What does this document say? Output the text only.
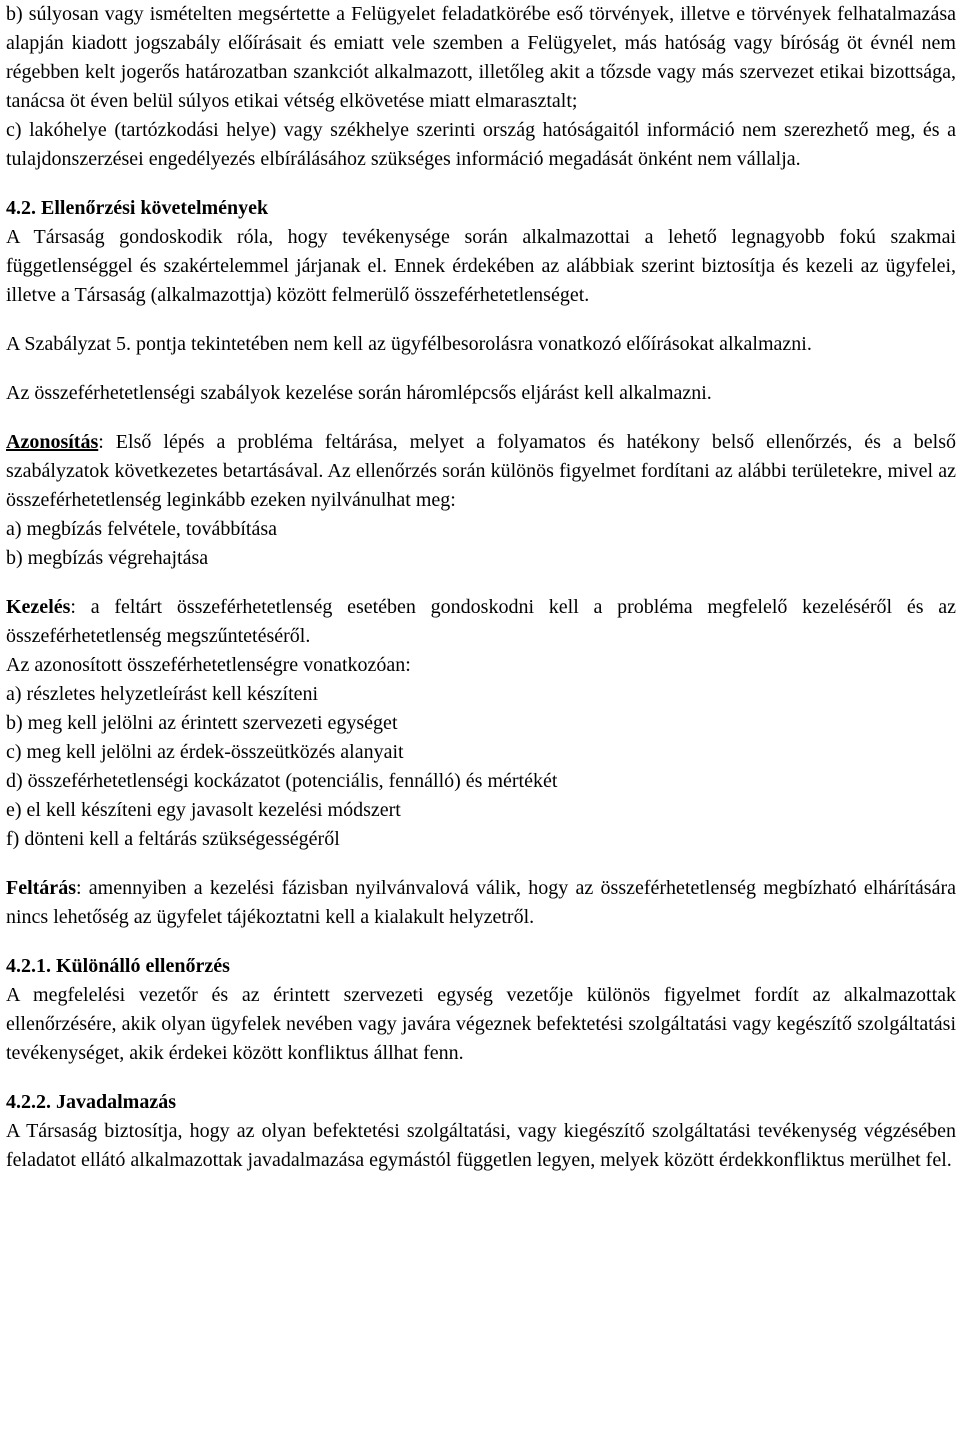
b) súlyosan vagy ismételten megsértette a Felügyelet feladatkörébe eső törvények, illetve e törvények felhatalmazása alapján kiadott jogszabály előírásait és emiatt vele szemben a Felügyelet, más hatóság vagy bíróság öt évnél nem régebben kelt jogerős határozatban szankciót alkalmazott, illetőleg akit a tőzsde vagy más szervezet etikai bizottsága, tanácsa öt éven belül súlyos etikai vétség elkövetése miatt elmarasztalt;

c) lakóhelye (tartózkodási helye) vagy székhelye szerinti ország hatóságaitól információ nem szerezhető meg, és a tulajdonszerzései engedélyezés elbírálásához szükséges információ megadását önként nem vállalja.

4.2. Ellenőrzési követelmények

A Társaság gondoskodik róla, hogy tevékenysége során alkalmazottai a lehető legnagyobb fokú szakmai függetlenséggel és szakértelemmel járjanak el. Ennek érdekében az alábbiak szerint biztosítja és kezeli az ügyfelei, illetve a Társaság (alkalmazottja) között felmerülő összeférhetetlenséget.

A Szabályzat 5. pontja tekintetében nem kell az ügyfélbesorolásra vonatkozó előírásokat alkalmazni.

Az összeférhetetlenségi szabályok kezelése során háromlépcsős eljárást kell alkalmazni.

Azonosítás: Első lépés a probléma feltárása, melyet a folyamatos és hatékony belső ellenőrzés, és a belső szabályzatok következetes betartásával. Az ellenőrzés során különös figyelmet fordítani az alábbi területekre, mivel az összeférhetetlenség leginkább ezeken nyilvánulhat meg:

a) megbízás felvétele, továbbítása

b) megbízás végrehajtása

Kezelés: a feltárt összeférhetetlenség esetében gondoskodni kell a probléma megfelelő kezeléséről és az összeférhetetlenség megszűntetéséről.

Az azonosított összeférhetetlenségre vonatkozóan:

a) részletes helyzetleírást kell készíteni

b) meg kell jelölni az érintett szervezeti egységet

c) meg kell jelölni az érdek-összeütközés alanyait

d) összeférhetetlenségi kockázatot (potenciális, fennálló) és mértékét

e) el kell készíteni egy javasolt kezelési módszert

f) dönteni kell a feltárás szükségességéről

Feltárás: amennyiben a kezelési fázisban nyilvánvalová válik, hogy az összeférhetetlenség megbízható elhárítására nincs lehetőség az ügyfelet tájékoztatni kell a kialakult helyzetről.

4.2.1. Különálló ellenőrzés

A megfelelési vezetőr és az érintett szervezeti egység vezetője különös figyelmet fordít az alkalmazottak ellenőrzésére, akik olyan ügyfelek nevében vagy javára végeznek befektetési szolgáltatási vagy kegészítő szolgáltatási tevékenységet, akik érdekei között konfliktus állhat fenn.

4.2.2. Javadalmazás

A Társaság biztosítja, hogy az olyan befektetési szolgáltatási, vagy kiegészítő szolgáltatási tevékenység végzésében feladatot ellátó alkalmazottak javadalmazása egymástól független legyen, melyek között érdekkonfliktus merülhet fel.
